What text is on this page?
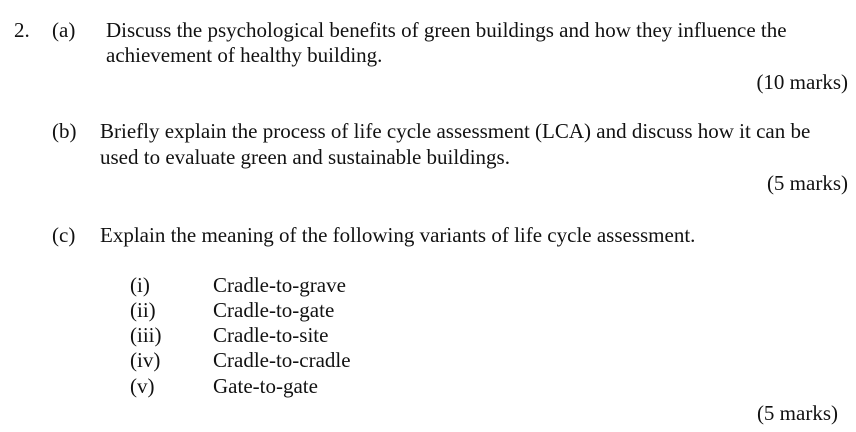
2. (a) Discuss the psychological benefits of green buildings and how they influence the
achievement of healthy building.
(10 marks)
(b) Briefly explain the process of life cycle assessment (LCA) and discuss how it can be
used to evaluate green and sustainable buildings.
(5 marks)
(c) Explain the meaning of the following variants of life cycle assessment.
(i)	Cradle-to-grave
(ii)	Cradle-to-gate
(iii) Cradle-to-site
(iv)	Cradle-to-cradle
(v)	Gate-to-gate
(5 marks)
